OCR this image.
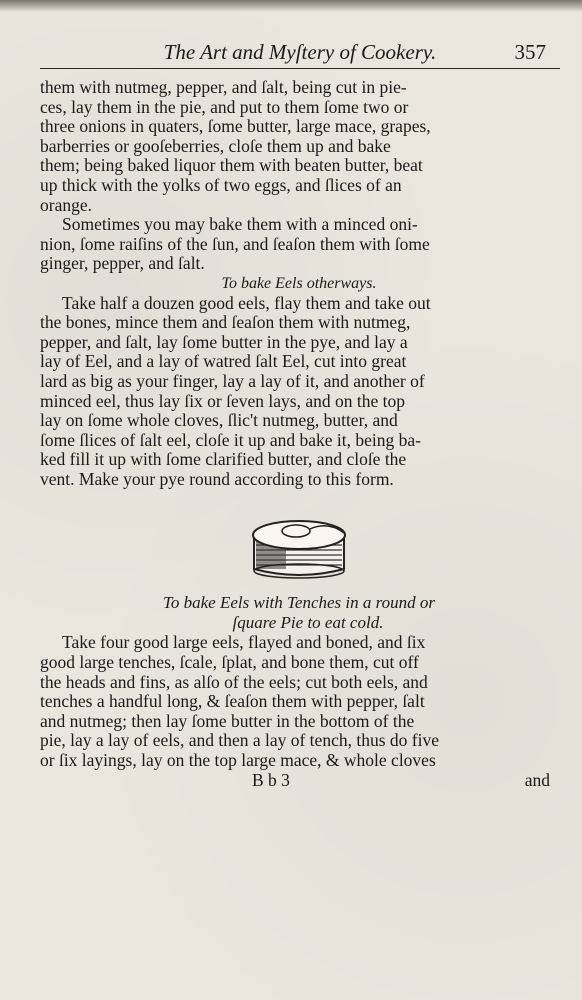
The Art and Myſtery of Cookery.	357
them with nutmeg, pepper, and ſalt, being cut in pie-
ces, lay them in the pie, and put to them ſome two or
three onions in quaters, ſome butter, large mace, grapes,
barberries or gooſeberries, cloſe them up and bake
them; being baked liquor them with beaten butter, beat
up thick with the yolks of two eggs, and ſlices of an
orange.
Sometimes you may bake them with a minced oni-
nion, ſome raiſins of the ſun, and ſeaſon them with ſome
ginger, pepper, and ſalt.
To bake Eels otherways.
Take half a douzen good eels, flay them and take out
the bones, mince them and ſeaſon them with nutmeg,
pepper, and ſalt, lay ſome butter in the pye, and lay a
lay of Eel, and a lay of watred ſalt Eel, cut into great
lard as big as your finger, lay a lay of it, and another of
minced eel, thus lay ſix or ſeven lays, and on the top
lay on ſome whole cloves, ſlic't nutmeg, butter, and
ſome ſlices of ſalt eel, cloſe it up and bake it, being ba-
ked fill it up with ſome clarified butter, and cloſe the
vent. Make your pye round according to this form.
To bake Eels with Tenches in a round or
ſquare Pie to eat cold.
Take four good large eels, flayed and boned, and ſix
good large tenches, ſcale, ſplat, and bone them, cut off
the heads and fins, as alſo of the eels; cut both eels, and
tenches a handful long, & ſeaſon them with pepper, ſalt
and nutmeg; then lay ſome butter in the bottom of the
pie, lay a lay of eels, and then a lay of tench, thus do five
or ſix layings, lay on the top large mace, & whole cloves
B b 3	and
